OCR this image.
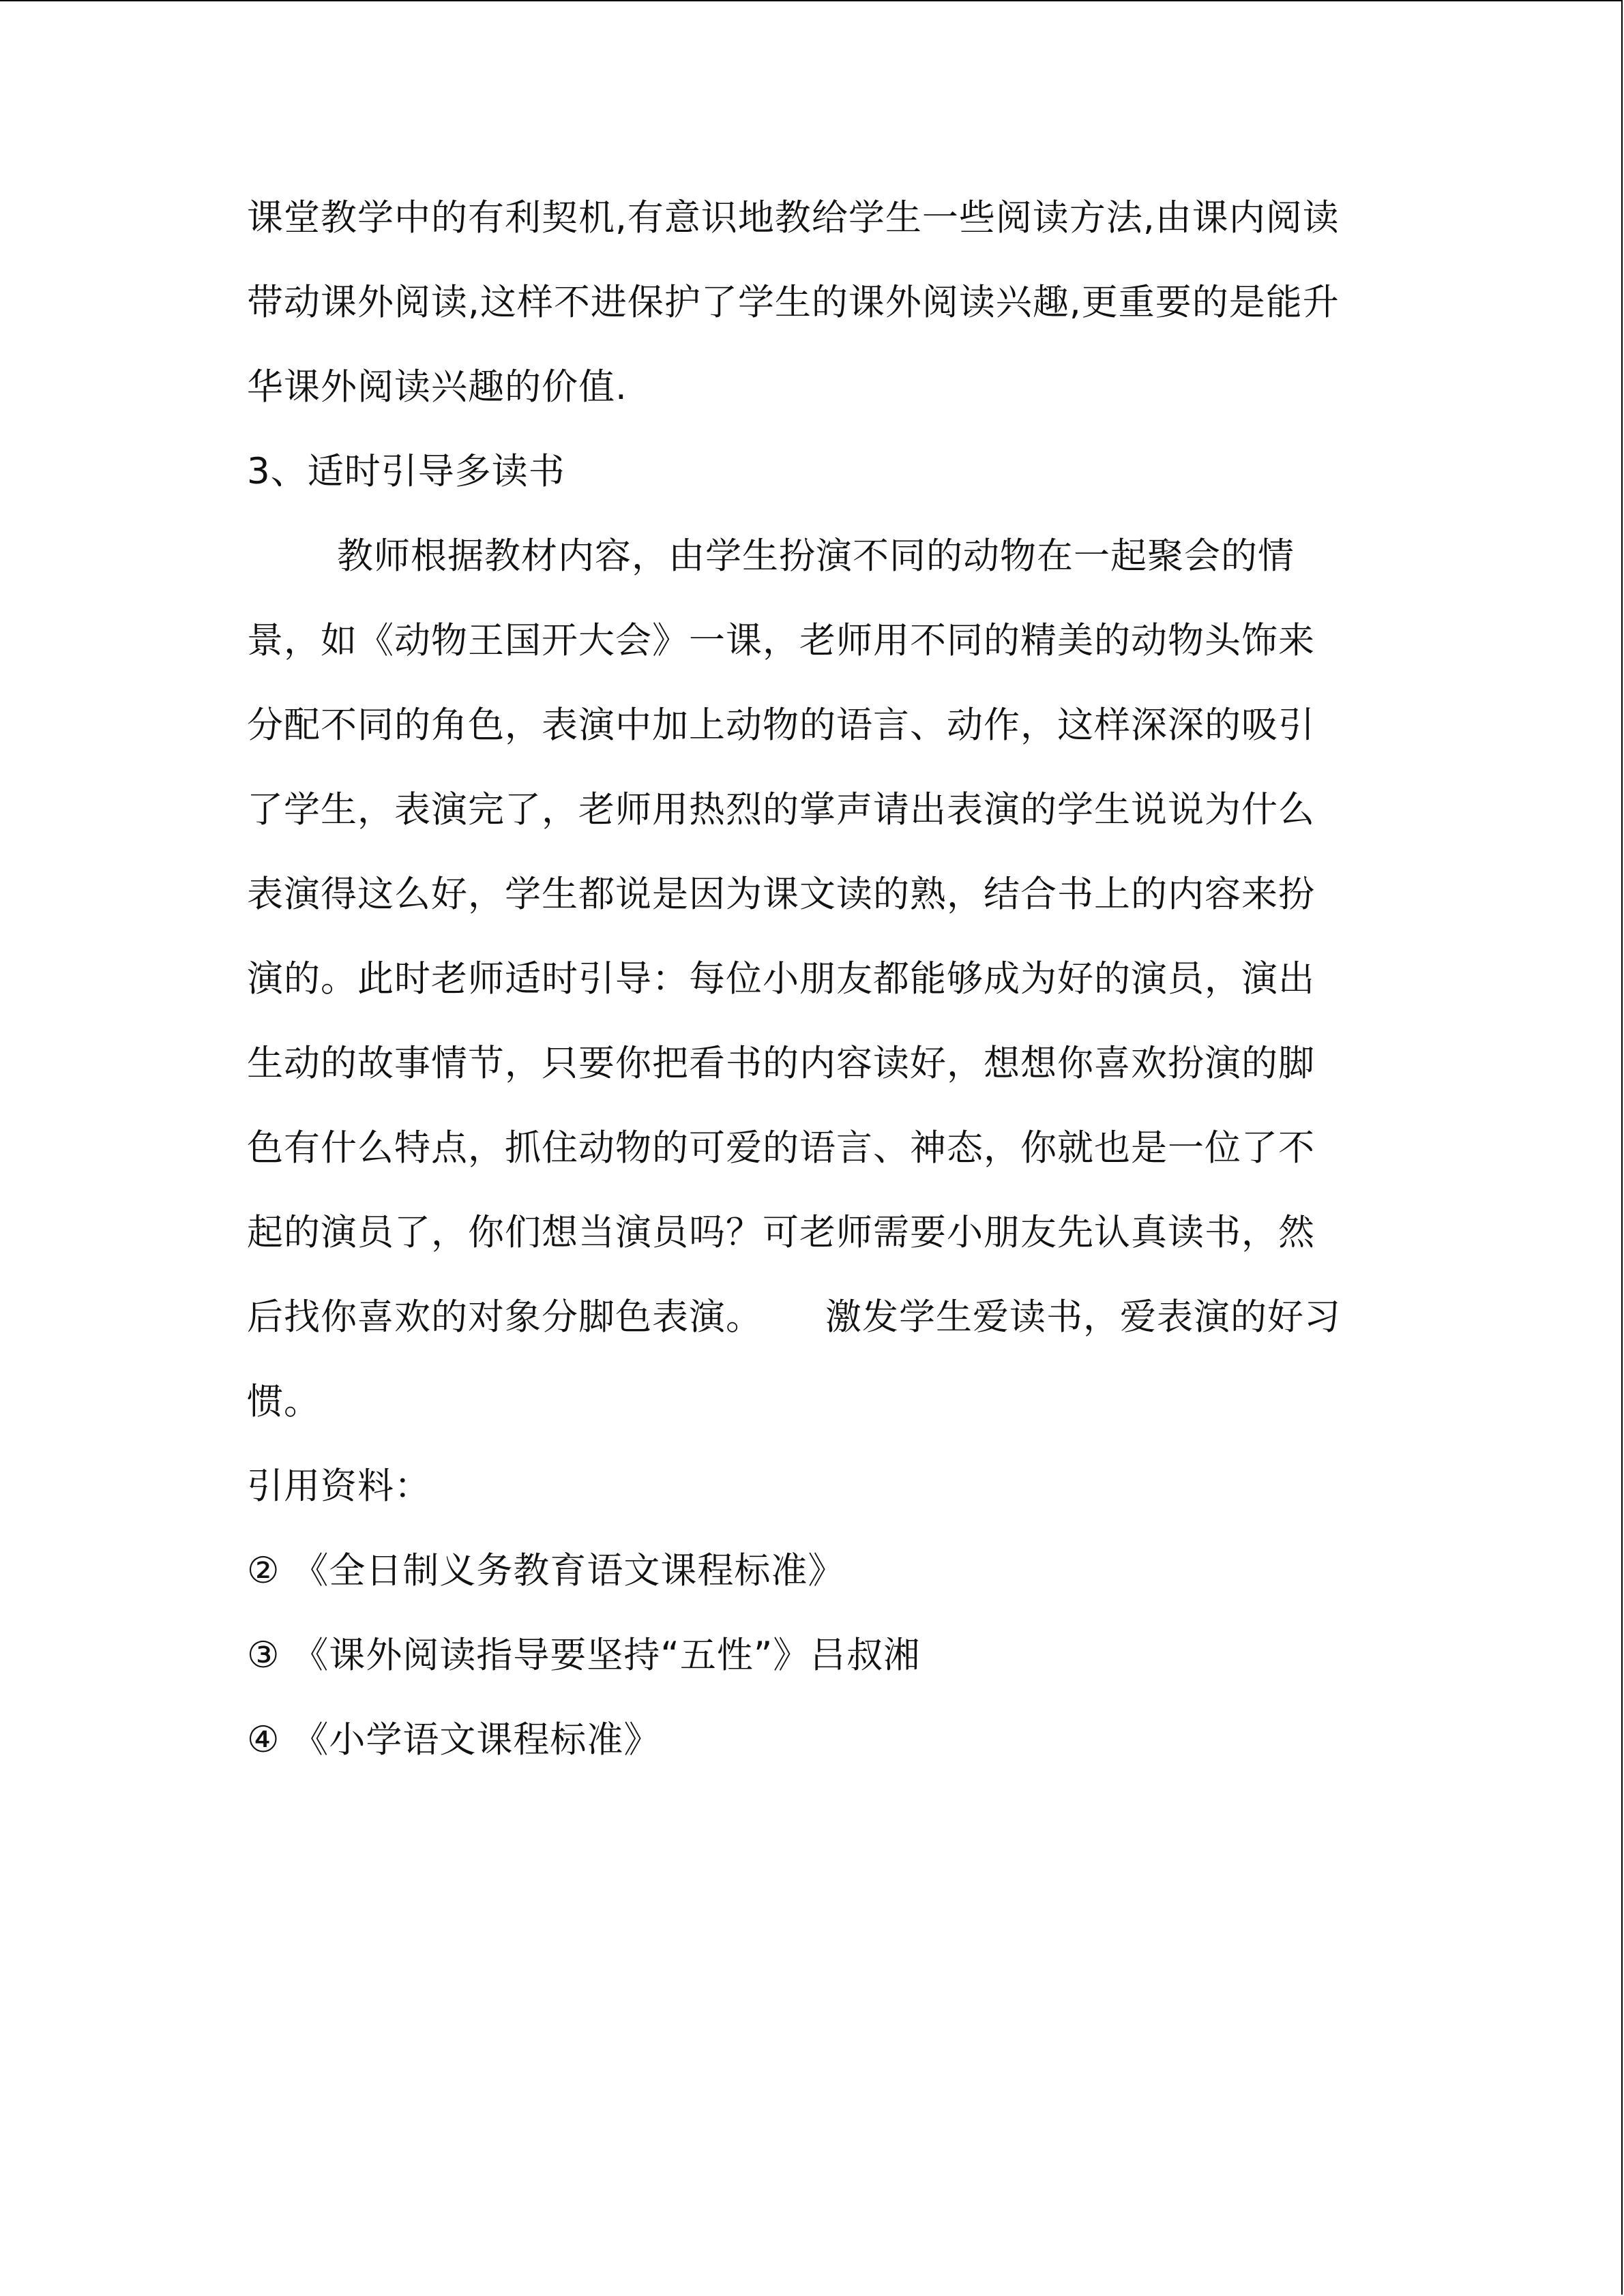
课堂教学中的有利契机,有意识地教给学生一些阅读方法,由课内阅读
带动课外阅读,这样不进保护了学生的课外阅读兴趣,更重要的是能升
华课外阅读兴趣的价值.
3、适时引导多读书
教师根据教材内容，由学生扮演不同的动物在一起聚会的情
景，如《动物王国开大会》一课，老师用不同的精美的动物头饰来
分配不同的角色，表演中加上动物的语言、动作，这样深深的吸引
了学生，表演完了，老师用热烈的掌声请出表演的学生说说为什么
表演得这么好，学生都说是因为课文读的熟，结合书上的内容来扮
演的。此时老师适时引导：每位小朋友都能够成为好的演员，演出
生动的故事情节，只要你把看书的内容读好，想想你喜欢扮演的脚
色有什么特点，抓住动物的可爱的语言、神态，你就也是一位了不
起的演员了，你们想当演员吗？可老师需要小朋友先认真读书，然
后找你喜欢的对象分脚色表演。 激发学生爱读书，爱表演的好习
惯。
引用资料：
② 《全日制义务教育语文课程标准》
③ 《课外阅读指导要坚持“五性”》吕叔湘
④ 《小学语文课程标准》
